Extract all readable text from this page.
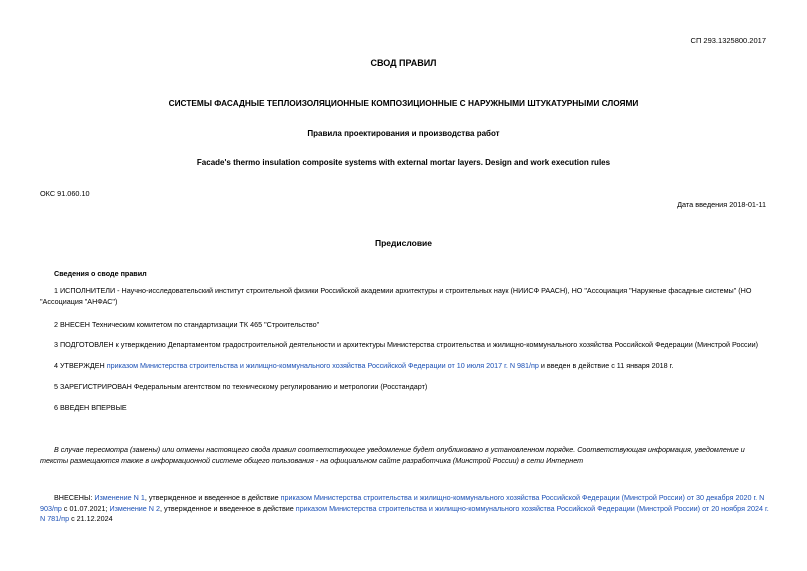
СП 293.1325800.2017
СВОД ПРАВИЛ
СИСТЕМЫ ФАСАДНЫЕ ТЕПЛОИЗОЛЯЦИОННЫЕ КОМПОЗИЦИОННЫЕ С НАРУЖНЫМИ ШТУКАТУРНЫМИ СЛОЯМИ
Правила проектирования и производства работ
Facade's thermo insulation composite systems with external mortar layers. Design and work execution rules
ОКС 91.060.10
Дата введения 2018-01-11
Предисловие
Сведения о своде правил
1 ИСПОЛНИТЕЛИ - Научно-исследовательский институт строительной физики Российской академии архитектуры и строительных наук (НИИСФ РААСН), НО "Ассоциация "Наружные фасадные системы" (НО "Ассоциация "АНФАС")
2 ВНЕСЕН Техническим комитетом по стандартизации ТК 465 "Строительство"
3 ПОДГОТОВЛЕН к утверждению Департаментом градостроительной деятельности и архитектуры Министерства строительства и жилищно-коммунального хозяйства Российской Федерации (Минстрой России)
4 УТВЕРЖДЕН приказом Министерства строительства и жилищно-коммунального хозяйства Российской Федерации от 10 июля 2017 г. N 981/пр и введен в действие с 11 января 2018 г.
5 ЗАРЕГИСТРИРОВАН Федеральным агентством по техническому регулированию и метрологии (Росстандарт)
6 ВВЕДЕН ВПЕРВЫЕ
В случае пересмотра (замены) или отмены настоящего свода правил соответствующее уведомление будет опубликовано в установленном порядке. Соответствующая информация, уведомление и тексты размещаются также в информационной системе общего пользования - на официальном сайте разработчика (Минстрой России) в сети Интернет
ВНЕСЕНЫ: Изменение N 1, утвержденное и введенное в действие приказом Министерства строительства и жилищно-коммунального хозяйства Российской Федерации (Минстрой России) от 30 декабря 2020 г. N 903/пр с 01.07.2021; Изменение N 2, утвержденное и введенное в действие приказом Министерства строительства и жилищно-коммунального хозяйства Российской Федерации (Минстрой России) от 20 ноября 2024 г. N 781/пр с 21.12.2024
